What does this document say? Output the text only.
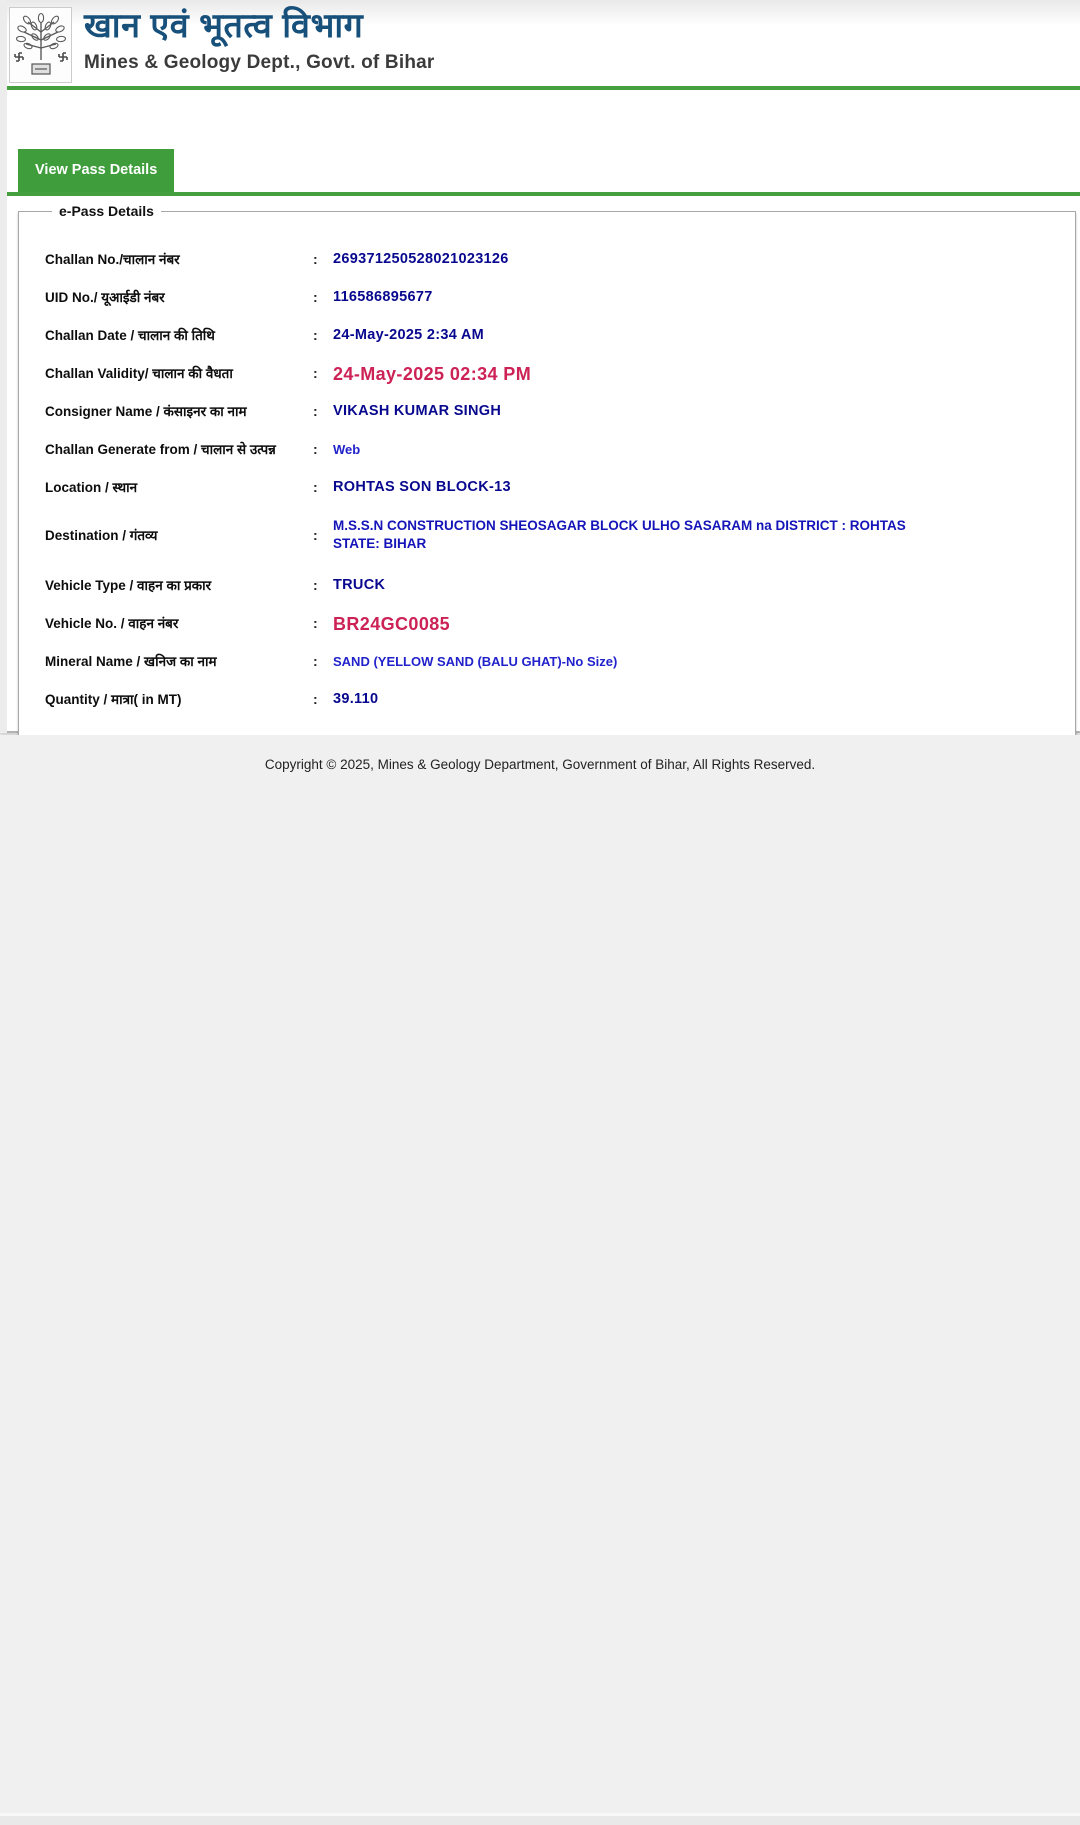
खान एवं भूतत्व विभाग
Mines & Geology Dept., Govt. of Bihar
View Pass Details
e-Pass Details
Challan No./चालान नंबर	:	269371250528021023126
UID No./ यूआईडी नंबर	:	116586895677
Challan Date / चालान की तिथि	:	24-May-2025 2:34 AM
Challan Validity/ चालान की वैधता	: 24-May-2025 02:34 PM
Consigner Name / कंसाइनर का नाम	:	VIKASH KUMAR SINGH
Challan Generate from / चालान से उत्पन्न	:	Web
Location / स्थान	:	ROHTAS SON BLOCK-13
Destination / गंतव्य	:
M.S.S.N CONSTRUCTION SHEOSAGAR BLOCK ULHO SASARAM na DISTRICT : ROHTAS STATE: BIHAR
Vehicle Type / वाहन का प्रकार	:	TRUCK
Vehicle No. / वाहन नंबर	: BR24GC0085
Mineral Name / खनिज का नाम	:	SAND (YELLOW SAND (BALU GHAT)-No Size)
Quantity / मात्रा( in MT)	:	39.110
Copyright © 2025, Mines & Geology Department, Government of Bihar, All Rights Reserved.
